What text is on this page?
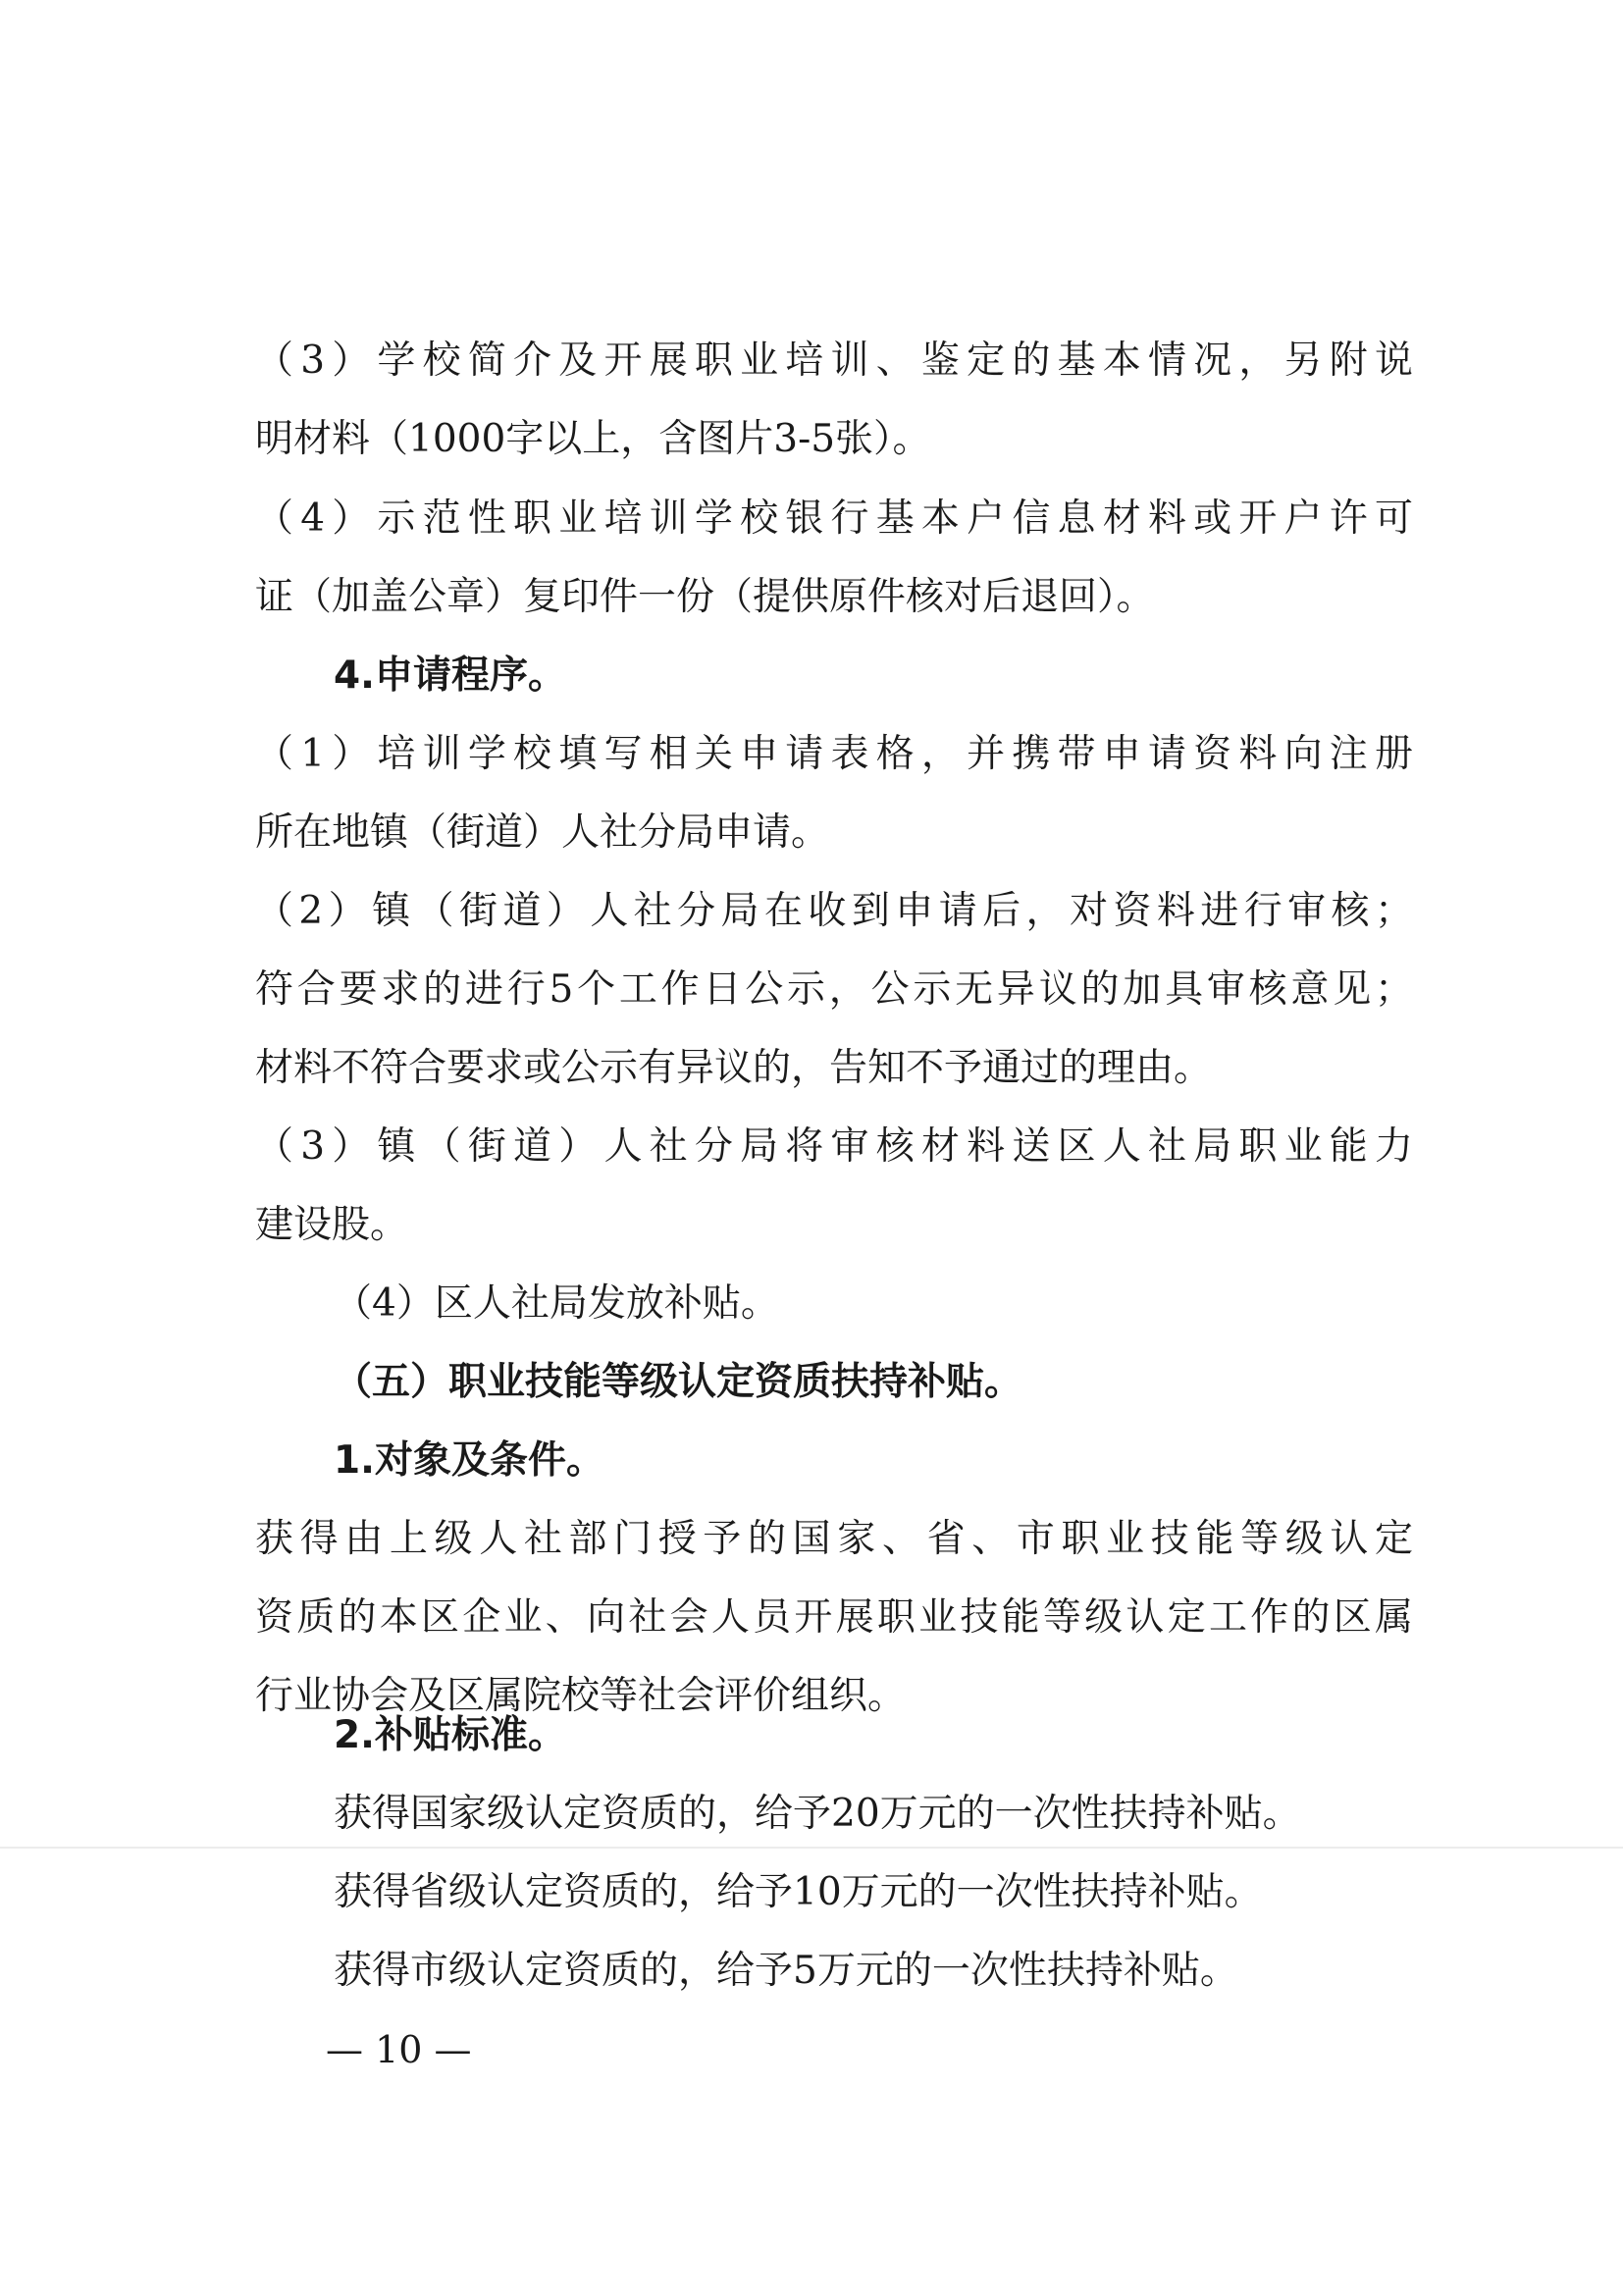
（3）学校简介及开展职业培训、鉴定的基本情况，另附说
明材料（1000字以上，含图片3-5张）。
（4）示范性职业培训学校银行基本户信息材料或开户许可
证（加盖公章）复印件一份（提供原件核对后退回）。
4.申请程序。
（1）培训学校填写相关申请表格，并携带申请资料向注册
所在地镇（街道）人社分局申请。
（2）镇（街道）人社分局在收到申请后，对资料进行审核；
符合要求的进行5个工作日公示，公示无异议的加具审核意见；
材料不符合要求或公示有异议的，告知不予通过的理由。
（3）镇（街道）人社分局将审核材料送区人社局职业能力
建设股。
（4）区人社局发放补贴。
（五）职业技能等级认定资质扶持补贴。
1.对象及条件。
获得由上级人社部门授予的国家、省、市职业技能等级认定
资质的本区企业、向社会人员开展职业技能等级认定工作的区属
行业协会及区属院校等社会评价组织。
2.补贴标准。
获得国家级认定资质的，给予20万元的一次性扶持补贴。
获得省级认定资质的，给予10万元的一次性扶持补贴。
获得市级认定资质的，给予5万元的一次性扶持补贴。
— 10 —
